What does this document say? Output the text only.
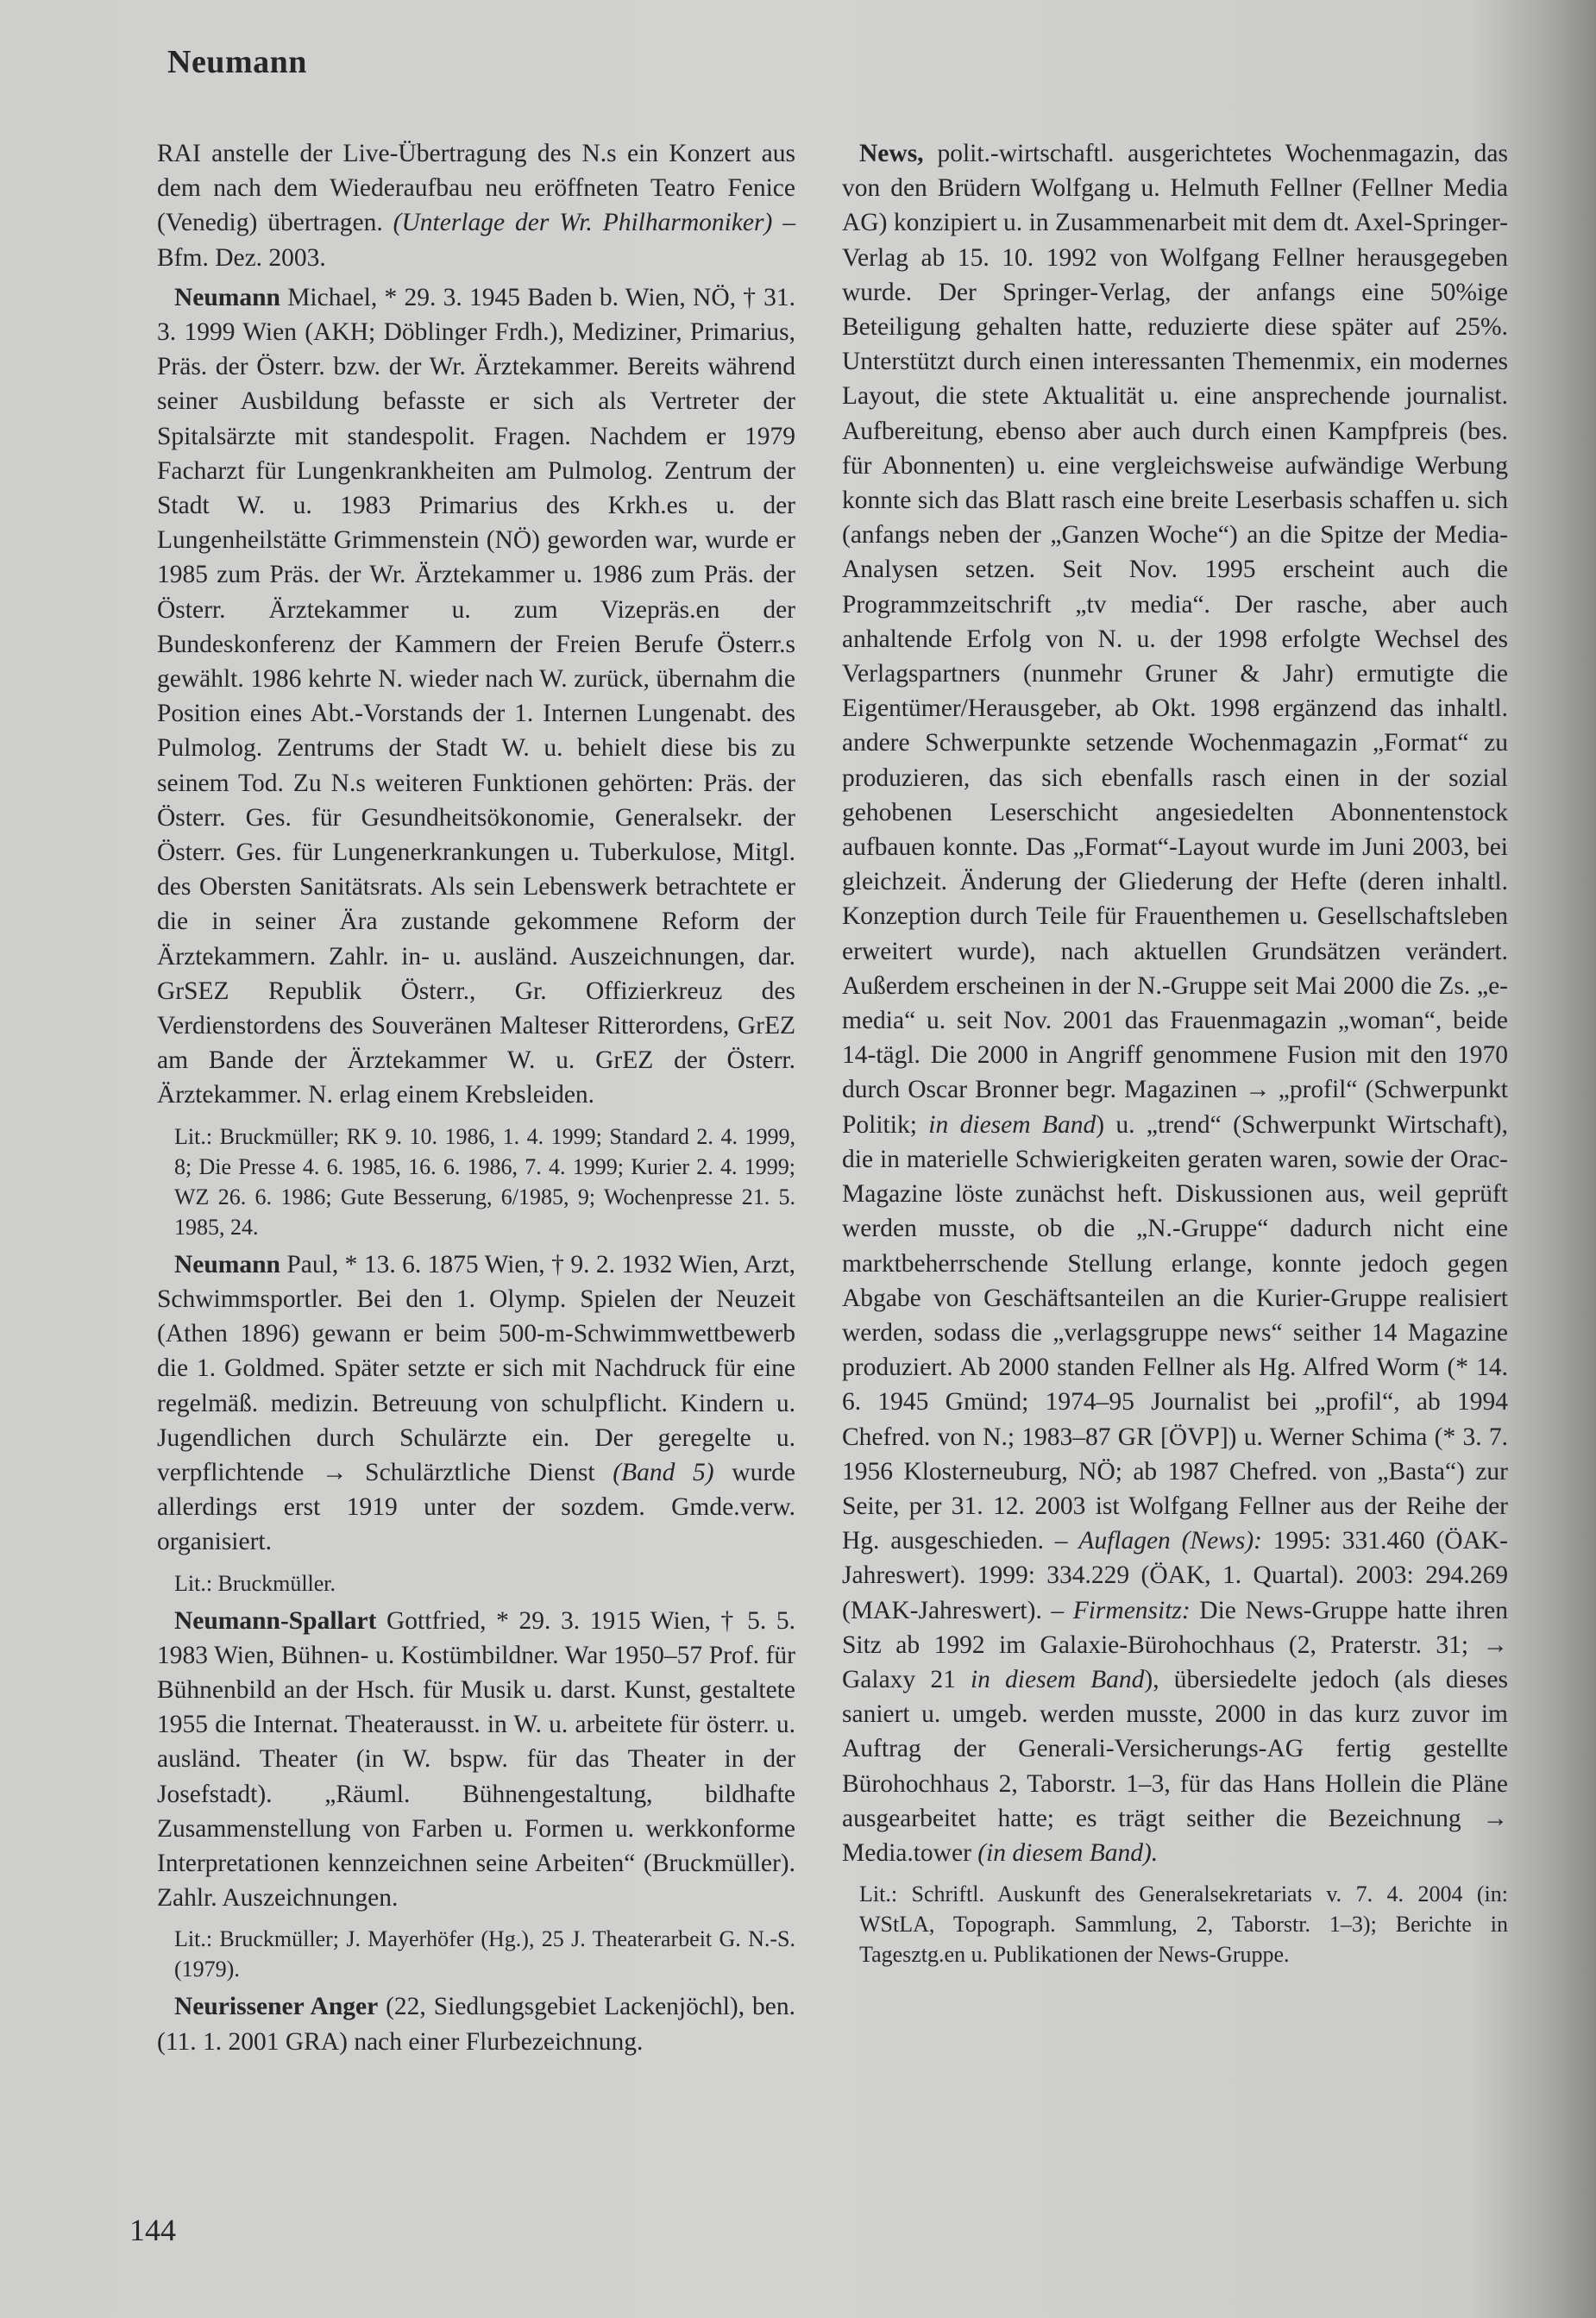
Neumann

RAI anstelle der Live-Übertragung des N.s ein Konzert aus dem nach dem Wiederaufbau neu eröffneten Teatro Fenice (Venedig) übertragen. (Unterlage der Wr. Philharmoniker) – Bfm. Dez. 2003.

Neumann Michael, * 29. 3. 1945 Baden b. Wien, NÖ, † 31. 3. 1999 Wien (AKH; Döblinger Frdh.), Mediziner, Primarius, Präs. der Österr. bzw. der Wr. Ärztekammer. Bereits während seiner Ausbildung befasste er sich als Vertreter der Spitalsärzte mit standespolit. Fragen. Nachdem er 1979 Facharzt für Lungenkrankheiten am Pulmolog. Zentrum der Stadt W. u. 1983 Primarius des Krkh.es u. der Lungenheilstätte Grimmenstein (NÖ) geworden war, wurde er 1985 zum Präs. der Wr. Ärztekammer u. 1986 zum Präs. der Österr. Ärztekammer u. zum Vizepräs.en der Bundeskonferenz der Kammern der Freien Berufe Österr.s gewählt. 1986 kehrte N. wieder nach W. zurück, übernahm die Position eines Abt.-Vorstands der 1. Internen Lungenabt. des Pulmolog. Zentrums der Stadt W. u. behielt diese bis zu seinem Tod. Zu N.s weiteren Funktionen gehörten: Präs. der Österr. Ges. für Gesundheitsökonomie, Generalsekr. der Österr. Ges. für Lungenerkrankungen u. Tuberkulose, Mitgl. des Obersten Sanitätsrats. Als sein Lebenswerk betrachtete er die in seiner Ära zustande gekommene Reform der Ärztekammern. Zahlr. in- u. ausländ. Auszeichnungen, dar. GrSEZ Republik Österr., Gr. Offizierkreuz des Verdienstordens des Souveränen Malteser Ritterordens, GrEZ am Bande der Ärztekammer W. u. GrEZ der Österr. Ärztekammer. N. erlag einem Krebsleiden.

Lit.: Bruckmüller; RK 9. 10. 1986, 1. 4. 1999; Standard 2. 4. 1999, 8; Die Presse 4. 6. 1985, 16. 6. 1986, 7. 4. 1999; Kurier 2. 4. 1999; WZ 26. 6. 1986; Gute Besserung, 6/1985, 9; Wochenpresse 21. 5. 1985, 24.

Neumann Paul, * 13. 6. 1875 Wien, † 9. 2. 1932 Wien, Arzt, Schwimmsportler. Bei den 1. Olymp. Spielen der Neuzeit (Athen 1896) gewann er beim 500-m-Schwimmwettbewerb die 1. Goldmed. Später setzte er sich mit Nachdruck für eine regelmäß. medizin. Betreuung von schulpflicht. Kindern u. Jugendlichen durch Schulärzte ein. Der geregelte u. verpflichtende → Schulärztliche Dienst (Band 5) wurde allerdings erst 1919 unter der sozdem. Gmde.verw. organisiert.

Lit.: Bruckmüller.

Neumann-Spallart Gottfried, * 29. 3. 1915 Wien, † 5. 5. 1983 Wien, Bühnen- u. Kostümbildner. War 1950–57 Prof. für Bühnenbild an der Hsch. für Musik u. darst. Kunst, gestaltete 1955 die Internat. Theaterausst. in W. u. arbeitete für österr. u. ausländ. Theater (in W. bspw. für das Theater in der Josefstadt). „Räuml. Bühnengestaltung, bildhafte Zusammenstellung von Farben u. Formen u. werkkonforme Interpretationen kennzeichnen seine Arbeiten“ (Bruckmüller). Zahlr. Auszeichnungen.

Lit.: Bruckmüller; J. Mayerhöfer (Hg.), 25 J. Theaterarbeit G. N.-S. (1979).

Neurissener Anger (22, Siedlungsgebiet Lackenjöchl), ben. (11. 1. 2001 GRA) nach einer Flurbezeichnung.

News, polit.-wirtschaftl. ausgerichtetes Wochenmagazin, das von den Brüdern Wolfgang u. Helmuth Fellner (Fellner Media AG) konzipiert u. in Zusammenarbeit mit dem dt. Axel-Springer-Verlag ab 15. 10. 1992 von Wolfgang Fellner herausgegeben wurde. Der Springer-Verlag, der anfangs eine 50%ige Beteiligung gehalten hatte, reduzierte diese später auf 25%. Unterstützt durch einen interessanten Themenmix, ein modernes Layout, die stete Aktualität u. eine ansprechende journalist. Aufbereitung, ebenso aber auch durch einen Kampfpreis (bes. für Abonnenten) u. eine vergleichsweise aufwändige Werbung konnte sich das Blatt rasch eine breite Leserbasis schaffen u. sich (anfangs neben der „Ganzen Woche“) an die Spitze der Media-Analysen setzen. Seit Nov. 1995 erscheint auch die Programmzeitschrift „tv media“. Der rasche, aber auch anhaltende Erfolg von N. u. der 1998 erfolgte Wechsel des Verlagspartners (nunmehr Gruner & Jahr) ermutigte die Eigentümer/Herausgeber, ab Okt. 1998 ergänzend das inhaltl. andere Schwerpunkte setzende Wochenmagazin „Format“ zu produzieren, das sich ebenfalls rasch einen in der sozial gehobenen Leserschicht angesiedelten Abonnentenstock aufbauen konnte. Das „Format“-Layout wurde im Juni 2003, bei gleichzeit. Änderung der Gliederung der Hefte (deren inhaltl. Konzeption durch Teile für Frauenthemen u. Gesellschaftsleben erweitert wurde), nach aktuellen Grundsätzen verändert. Außerdem erscheinen in der N.-Gruppe seit Mai 2000 die Zs. „e-media“ u. seit Nov. 2001 das Frauenmagazin „woman“, beide 14-tägl. Die 2000 in Angriff genommene Fusion mit den 1970 durch Oscar Bronner begr. Magazinen → „profil“ (Schwerpunkt Politik; in diesem Band) u. „trend“ (Schwerpunkt Wirtschaft), die in materielle Schwierigkeiten geraten waren, sowie der Orac-Magazine löste zunächst heft. Diskussionen aus, weil geprüft werden musste, ob die „N.-Gruppe“ dadurch nicht eine marktbeherrschende Stellung erlange, konnte jedoch gegen Abgabe von Geschäftsanteilen an die Kurier-Gruppe realisiert werden, sodass die „verlagsgruppe news“ seither 14 Magazine produziert. Ab 2000 standen Fellner als Hg. Alfred Worm (* 14. 6. 1945 Gmünd; 1974–95 Journalist bei „profil“, ab 1994 Chefred. von N.; 1983–87 GR [ÖVP]) u. Werner Schima (* 3. 7. 1956 Klosterneuburg, NÖ; ab 1987 Chefred. von „Basta“) zur Seite, per 31. 12. 2003 ist Wolfgang Fellner aus der Reihe der Hg. ausgeschieden. – Auflagen (News): 1995: 331.460 (ÖAK-Jahreswert). 1999: 334.229 (ÖAK, 1. Quartal). 2003: 294.269 (MAK-Jahreswert). – Firmensitz: Die News-Gruppe hatte ihren Sitz ab 1992 im Galaxie-Bürohochhaus (2, Praterstr. 31; → Galaxy 21 in diesem Band), übersiedelte jedoch (als dieses saniert u. umgeb. werden musste, 2000 in das kurz zuvor im Auftrag der Generali-Versicherungs-AG fertig gestellte Bürohochhaus 2, Taborstr. 1–3, für das Hans Hollein die Pläne ausgearbeitet hatte; es trägt seither die Bezeichnung → Media.tower (in diesem Band).

Lit.: Schriftl. Auskunft des Generalsekretariats v. 7. 4. 2004 (in: WStLA, Topograph. Sammlung, 2, Taborstr. 1–3); Berichte in Tagesztg.en u. Publikationen der News-Gruppe.

144
